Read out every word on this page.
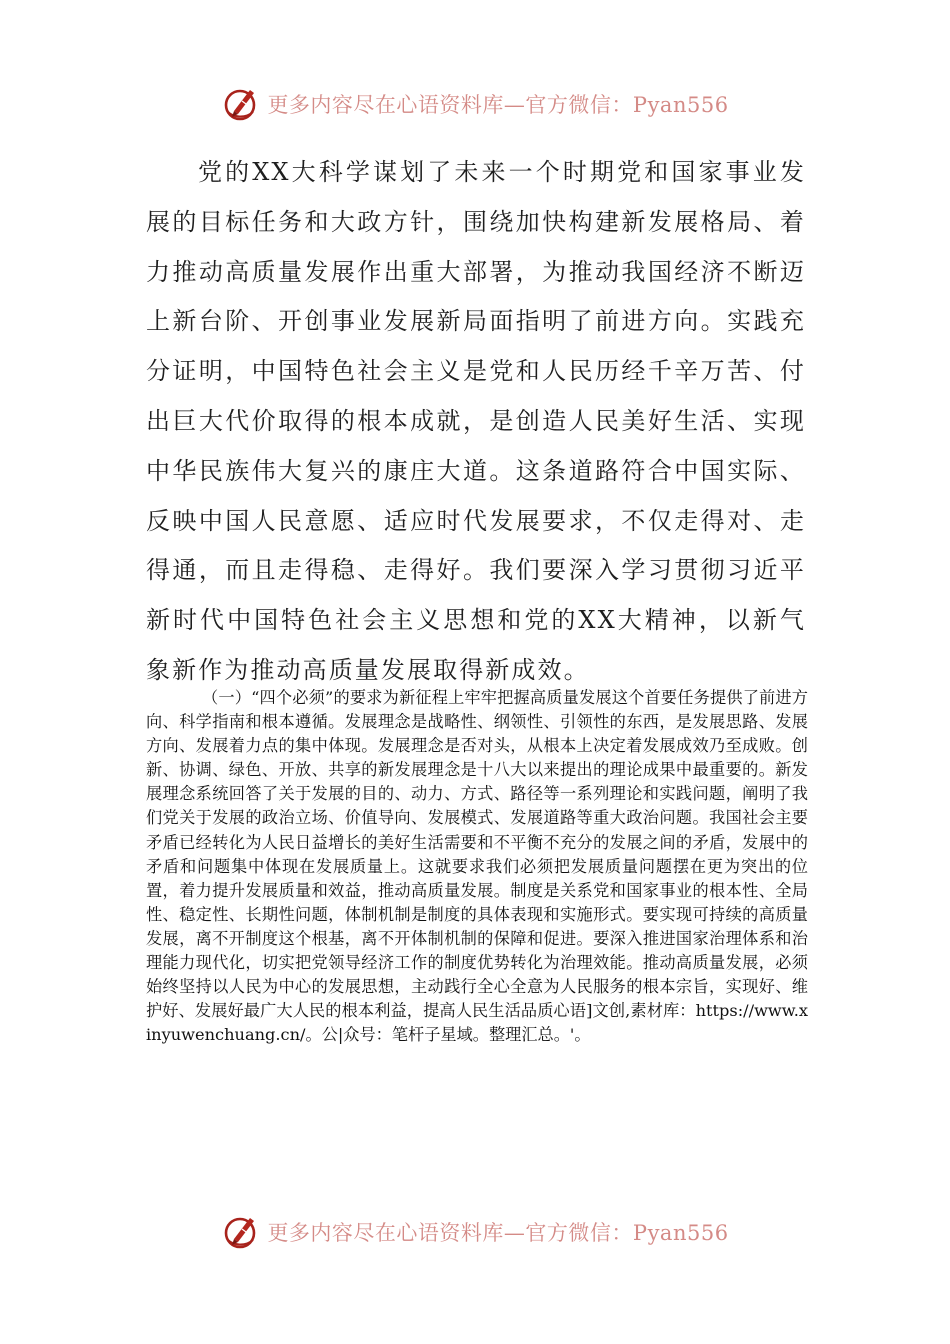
更多内容尽在心语资料库—官方微信：Pyan556

党的XX大科学谋划了未来一个时期党和国家事业发展的目标任务和大政方针，围绕加快构建新发展格局、着力推动高质量发展作出重大部署，为推动我国经济不断迈上新台阶、开创事业发展新局面指明了前进方向。实践充分证明，中国特色社会主义是党和人民历经千辛万苦、付出巨大代价取得的根本成就，是创造人民美好生活、实现中华民族伟大复兴的康庄大道。这条道路符合中国实际、反映中国人民意愿、适应时代发展要求，不仅走得对、走得通，而且走得稳、走得好。我们要深入学习贯彻习近平新时代中国特色社会主义思想和党的XX大精神，以新气象新作为推动高质量发展取得新成效。

（一）“四个必须”的要求为新征程上牢牢把握高质量发展这个首要任务提供了前进方向、科学指南和根本遵循。发展理念是战略性、纲领性、引领性的东西，是发展思路、发展方向、发展着力点的集中体现。发展理念是否对头，从根本上决定着发展成效乃至成败。创新、协调、绿色、开放、共享的新发展理念是十八大以来提出的理论成果中最重要的。新发展理念系统回答了关于发展的目的、动力、方式、路径等一系列理论和实践问题，阐明了我们党关于发展的政治立场、价值导向、发展模式、发展道路等重大政治问题。我国社会主要矛盾已经转化为人民日益增长的美好生活需要和不平衡不充分的发展之间的矛盾，发展中的矛盾和问题集中体现在发展质量上。这就要求我们必须把发展质量问题摆在更为突出的位置，着力提升发展质量和效益，推动高质量发展。制度是关系党和国家事业的根本性、全局性、稳定性、长期性问题，体制机制是制度的具体表现和实施形式。要实现可持续的高质量发展，离不开制度这个根基，离不开体制机制的保障和促进。要深入推进国家治理体系和治理能力现代化，切实把党领导经济工作的制度优势转化为治理效能。推动高质量发展，必须始终坚持以人民为中心的发展思想，主动践行全心全意为人民服务的根本宗旨，实现好、维护好、发展好最广大人民的根本利益，提高人民生活品质心语]文创,素材库：https://www.xinyuwenchuang.cn/。公|众号：笔杆子星域。整理汇总。'。

更多内容尽在心语资料库—官方微信：Pyan556
